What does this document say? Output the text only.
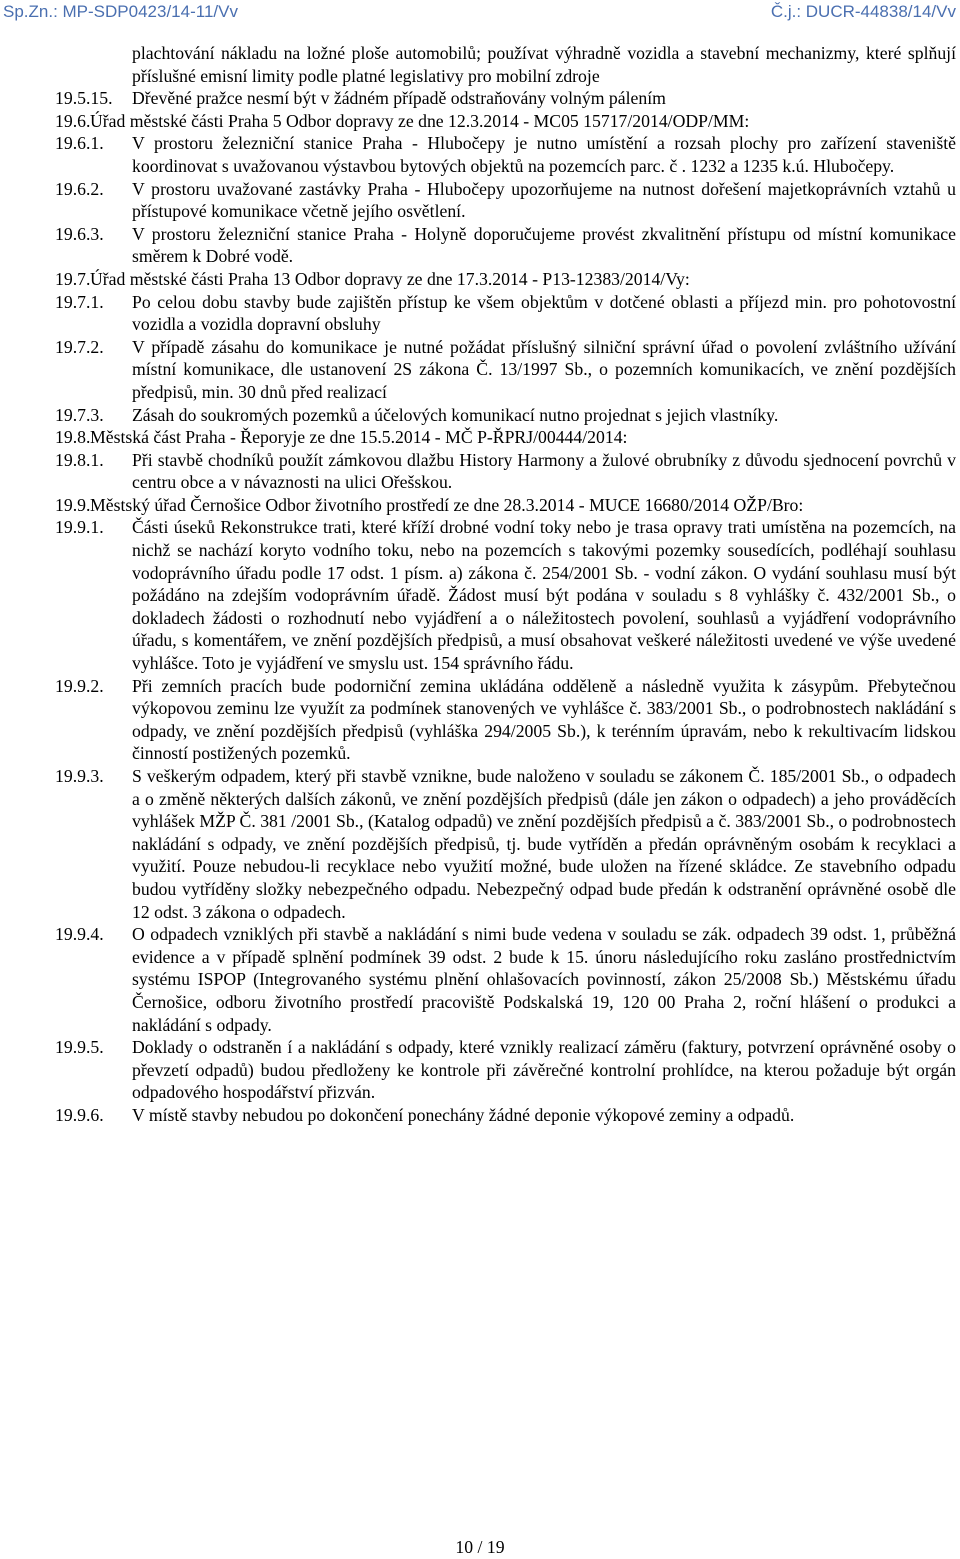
Sp.Zn.: MP-SDP0423/14-11/Vv	Č.j.: DUCR-44838/14/Vv
plachtování nákladu na ložné ploše automobilů; používat výhradně vozidla a stavební mechanizmy, které splňují příslušné emisní limity podle platné legislativy pro mobilní zdroje
19.5.15. Dřevěné pražce nesmí být v žádném případě odstraňovány volným pálením
19.6. Úřad městské části Praha 5 Odbor dopravy ze dne 12.3.2014 - MC05 15717/2014/ODP/MM:
19.6.1. V prostoru železniční stanice Praha - Hlubočepy je nutno umístění a rozsah plochy pro zařízení staveniště koordinovat s uvažovanou výstavbou bytových objektů na pozemcích parc. č . 1232 a 1235 k.ú. Hlubočepy.
19.6.2. V prostoru uvažované zastávky Praha - Hlubočepy upozorňujeme na nutnost dořešení majetkoprávních vztahů u přístupové komunikace včetně jejího osvětlení.
19.6.3. V prostoru železniční stanice Praha - Holyně doporučujeme provést zkvalitnění přístupu od místní komunikace směrem k Dobré vodě.
19.7. Úřad městské části Praha 13 Odbor dopravy ze dne 17.3.2014 - P13-12383/2014/Vy:
19.7.1. Po celou dobu stavby bude zajištěn přístup ke všem objektům v dotčené oblasti a příjezd min. pro pohotovostní vozidla a vozidla dopravní obsluhy
19.7.2. V případě zásahu do komunikace je nutné požádat příslušný silniční správní úřad o povolení zvláštního užívání místní komunikace, dle ustanovení 2S zákona Č. 13/1997 Sb., o pozemních komunikacích, ve znění pozdějších předpisů, min. 30 dnů před realizací
19.7.3. Zásah do soukromých pozemků a účelových komunikací nutno projednat s jejich vlastníky.
19.8. Městská část Praha - Řeporyje ze dne 15.5.2014 - MČ P-ŘPRJ/00444/2014:
19.8.1. Při stavbě chodníků použít zámkovou dlažbu History Harmony a žulové obrubníky z důvodu sjednocení povrchů v centru obce a v návaznosti na ulici Ořešskou.
19.9. Městský úřad Černošice Odbor životního prostředí ze dne 28.3.2014 - MUCE 16680/2014 OŽP/Bro:
19.9.1. Části úseků Rekonstrukce trati, které kříží drobné vodní toky nebo je trasa opravy trati umístěna na pozemcích, na nichž se nachází koryto vodního toku, nebo na pozemcích s takovými pozemky sousedících, podléhají souhlasu vodoprávního úřadu podle 17 odst. 1 písm. a) zákona č. 254/2001 Sb. - vodní zákon. O vydání souhlasu musí být požádáno na zdejším vodoprávním úřadě. Žádost musí být podána v souladu s 8 vyhlášky č. 432/2001 Sb., o dokladech žádosti o rozhodnutí nebo vyjádření a o náležitostech povolení, souhlasů a vyjádření vodoprávního úřadu, s komentářem, ve znění pozdějších předpisů, a musí obsahovat veškeré náležitosti uvedené ve výše uvedené vyhlášce. Toto je vyjádření ve smyslu ust. 154 správního řádu.
19.9.2. Při zemních pracích bude podorniční zemina ukládána odděleně a následně využita k zásypům. Přebytečnou výkopovou zeminu lze využít za podmínek stanovených ve vyhlášce č. 383/2001 Sb., o podrobnostech nakládání s odpady, ve znění pozdějších předpisů (vyhláška 294/2005 Sb.), k terénním úpravám, nebo k rekultivacím lidskou činností postižených pozemků.
19.9.3. S veškerým odpadem, který při stavbě vznikne, bude naloženo v souladu se zákonem Č. 185/2001 Sb., o odpadech a o změně některých dalších zákonů, ve znění pozdějších předpisů (dále jen zákon o odpadech) a jeho prováděcích vyhlášek MŽP Č. 381 /2001 Sb., (Katalog odpadů) ve znění pozdějších předpisů a č. 383/2001 Sb., o podrobnostech nakládání s odpady, ve znění pozdějších předpisů, tj. bude vytříděn a předán oprávněným osobám k recyklaci a využití. Pouze nebudou-li recyklace nebo využití možné, bude uložen na řízené skládce. Ze stavebního odpadu budou vytříděny složky nebezpečného odpadu. Nebezpečný odpad bude předán k odstranění oprávněné osobě dle 12 odst. 3 zákona o odpadech.
19.9.4. O odpadech vzniklých při stavbě a nakládání s nimi bude vedena v souladu se zák. odpadech 39 odst. 1, průběžná evidence a v případě splnění podmínek 39 odst. 2 bude k 15. únoru následujícího roku zasláno prostřednictvím systému ISPOP (Integrovaného systému plnění ohlašovacích povinností, zákon 25/2008 Sb.) Městskému úřadu Černošice, odboru životního prostředí pracoviště Podskalská 19, 120 00 Praha 2, roční hlášení o produkci a nakládání s odpady.
19.9.5. Doklady o odstraněn í a nakládání s odpady, které vznikly realizací záměru (faktury, potvrzení oprávněné osoby o převzetí odpadů) budou předloženy ke kontrole při závěrečné kontrolní prohlídce, na kterou požaduje být orgán odpadového hospodářství přizván.
19.9.6. V místě stavby nebudou po dokončení ponechány žádné deponie výkopové zeminy a odpadů.
10 / 19
